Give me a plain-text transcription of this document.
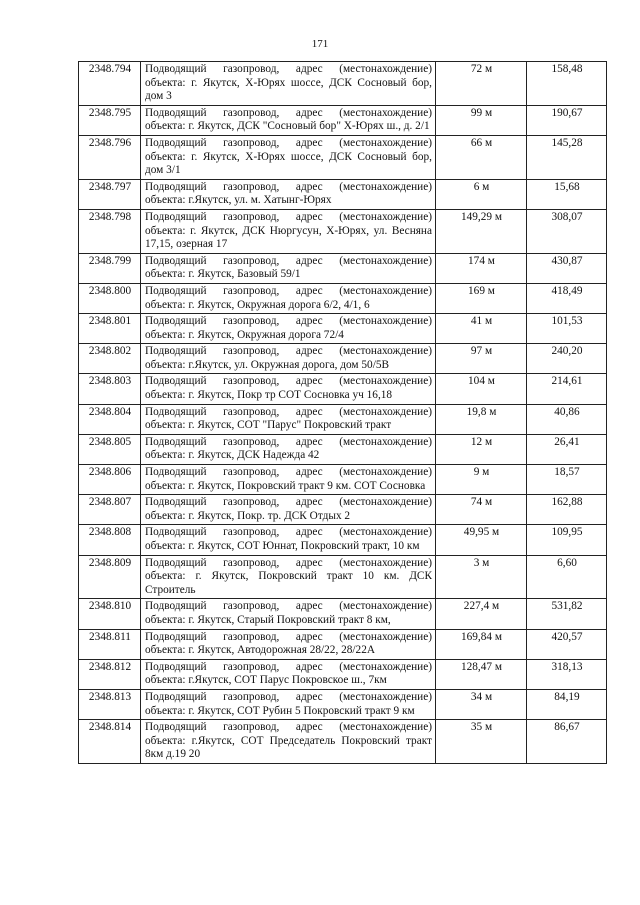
171
2348.794	Подводящий газопровод, адрес (местонахождение) объекта: г. Якутск, Х-Юрях шоссе, ДСК Сосновый бор, дом 3	72 м	158,48
2348.795	Подводящий газопровод, адрес (местонахождение) объекта: г. Якутск, ДСК "Сосновый бор" Х-Юрях ш., д. 2/1	99 м	190,67
2348.796	Подводящий газопровод, адрес (местонахождение) объекта: г. Якутск, Х-Юрях шоссе, ДСК Сосновый бор, дом 3/1	66 м	145,28
2348.797	Подводящий газопровод, адрес (местонахождение) объекта: г.Якутск, ул. м. Хатынг-Юрях	6 м	15,68
2348.798	Подводящий газопровод, адрес (местонахождение) объекта: г. Якутск, ДСК Нюргусун, Х-Юрях, ул. Весняна 17,15, озерная 17	149,29 м	308,07
2348.799	Подводящий газопровод, адрес (местонахождение) объекта: г. Якутск, Базовый 59/1	174 м	430,87
2348.800	Подводящий газопровод, адрес (местонахождение) объекта: г. Якутск, Окружная дорога 6/2, 4/1, 6	169 м	418,49
2348.801	Подводящий газопровод, адрес (местонахождение) объекта: г. Якутск, Окружная дорога 72/4	41 м	101,53
2348.802	Подводящий газопровод, адрес (местонахождение) объекта: г.Якутск, ул. Окружная дорога, дом 50/5В	97 м	240,20
2348.803	Подводящий газопровод, адрес (местонахождение) объекта: г. Якутск, Покр тр СОТ Сосновка уч 16,18	104 м	214,61
2348.804	Подводящий газопровод, адрес (местонахождение) объекта: г. Якутск, СОТ "Парус" Покровский тракт	19,8 м	40,86
2348.805	Подводящий газопровод, адрес (местонахождение) объекта: г. Якутск, ДСК Надежда 42	12 м	26,41
2348.806	Подводящий газопровод, адрес (местонахождение) объекта: г. Якутск, Покровский тракт 9 км. СОТ Сосновка	9 м	18,57
2348.807	Подводящий газопровод, адрес (местонахождение) объекта: г. Якутск, Покр. тр. ДСК Отдых 2	74 м	162,88
2348.808	Подводящий газопровод, адрес (местонахождение) объекта: г. Якутск, СОТ Юннат, Покровский тракт, 10 км	49,95 м	109,95
2348.809	Подводящий газопровод, адрес (местонахождение) объекта: г. Якутск, Покровский тракт 10 км. ДСК Строитель	3 м	6,60
2348.810	Подводящий газопровод, адрес (местонахождение) объекта: г. Якутск, Старый Покровский тракт 8 км,	227,4 м	531,82
2348.811	Подводящий газопровод, адрес (местонахождение) объекта: г. Якутск, Автодорожная 28/22, 28/22А	169,84 м	420,57
2348.812	Подводящий газопровод, адрес (местонахождение) объекта: г.Якутск, СОТ Парус Покровское ш., 7км	128,47 м	318,13
2348.813	Подводящий газопровод, адрес (местонахождение) объекта: г. Якутск, СОТ Рубин 5 Покровский тракт 9 км	34 м	84,19
2348.814	Подводящий газопровод, адрес (местонахождение) объекта: г.Якутск, СОТ Председатель Покровский тракт 8км д.19 20	35 м	86,67
